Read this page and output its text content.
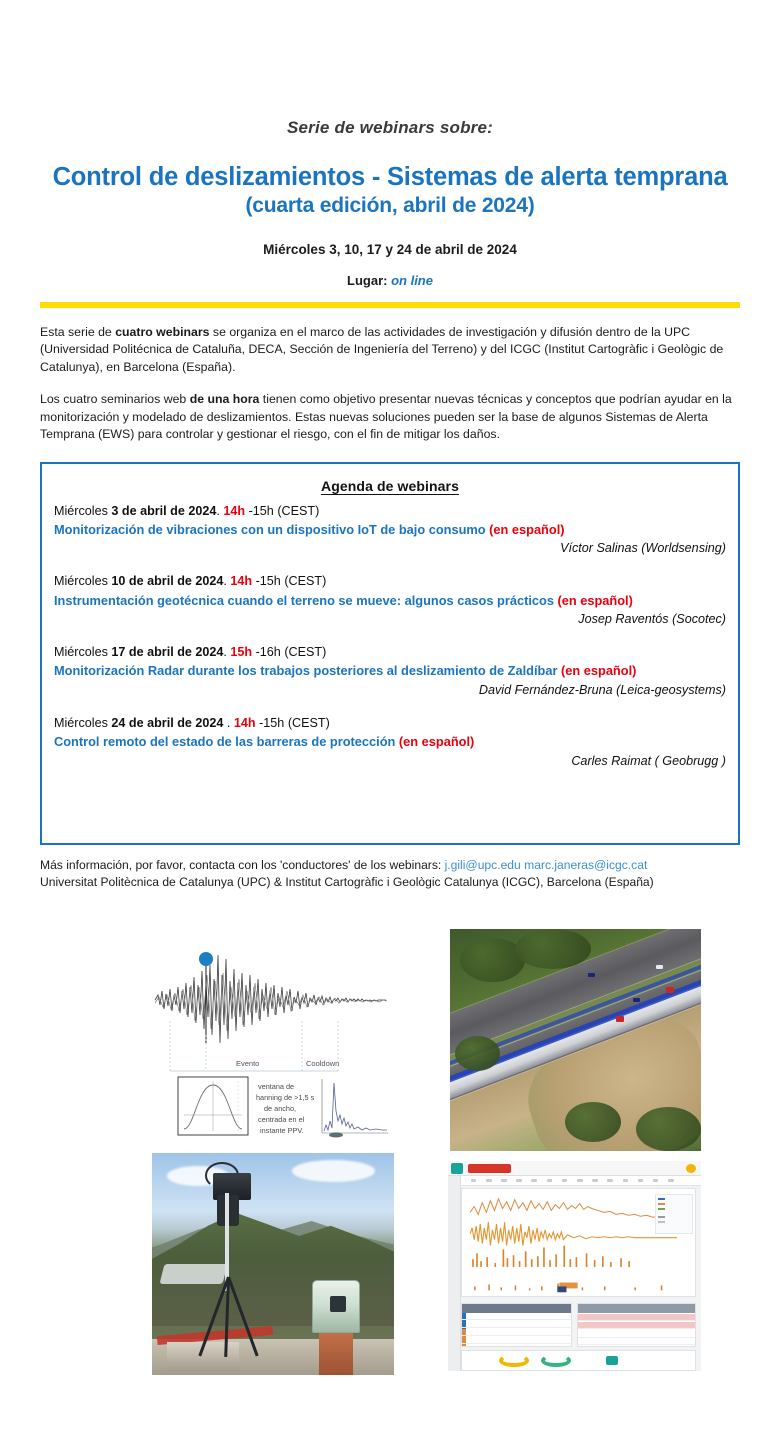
Serie de webinars sobre:
Control de deslizamientos - Sistemas de alerta temprana
(cuarta edición, abril de 2024)
Miércoles 3, 10, 17 y 24 de abril de 2024
Lugar: on line

Esta serie de cuatro webinars se organiza en el marco de las actividades de investigación y difusión dentro de la UPC (Universidad Politécnica de Cataluña, DECA, Sección de Ingeniería del Terreno) y del ICGC (Institut Cartogràfic i Geològic de Catalunya), en Barcelona (España).

Los cuatro seminarios web de una hora tienen como objetivo presentar nuevas técnicas y conceptos que podrían ayudar en la monitorización y modelado de deslizamientos. Estas nuevas soluciones pueden ser la base de algunos Sistemas de Alerta Temprana (EWS) para controlar y gestionar el riesgo, con el fin de mitigar los daños.

Agenda de webinars
Miércoles 3 de abril de 2024. 14h -15h (CEST)
Monitorización de vibraciones con un dispositivo IoT de bajo consumo (en español)
Víctor Salinas (Worldsensing)
Miércoles 10 de abril de 2024. 14h -15h (CEST)
Instrumentación geotécnica cuando el terreno se mueve: algunos casos prácticos (en español)
Josep Raventós (Socotec)
Miércoles 17 de abril de 2024. 15h -16h (CEST)
Monitorización Radar durante los trabajos posteriores al deslizamiento de Zaldíbar (en español)
David Fernández-Bruna (Leica-geosystems)
Miércoles 24 de abril de 2024 . 14h -15h (CEST)
Control remoto del estado de las barreras de protección (en español)
Carles Raimat ( Geobrugg )
Más información, por favor, contacta con los 'conductores' de los webinars: j.gili@upc.edu marc.janeras@icgc.cat
Universitat Politècnica de Catalunya (UPC) & Institut Cartogràfic i Geològic Catalunya (ICGC), Barcelona (España)
Evento	Cooldown
ventana de
hanning de >1,5 s
de ancho,
centrada en el
instante PPV.
